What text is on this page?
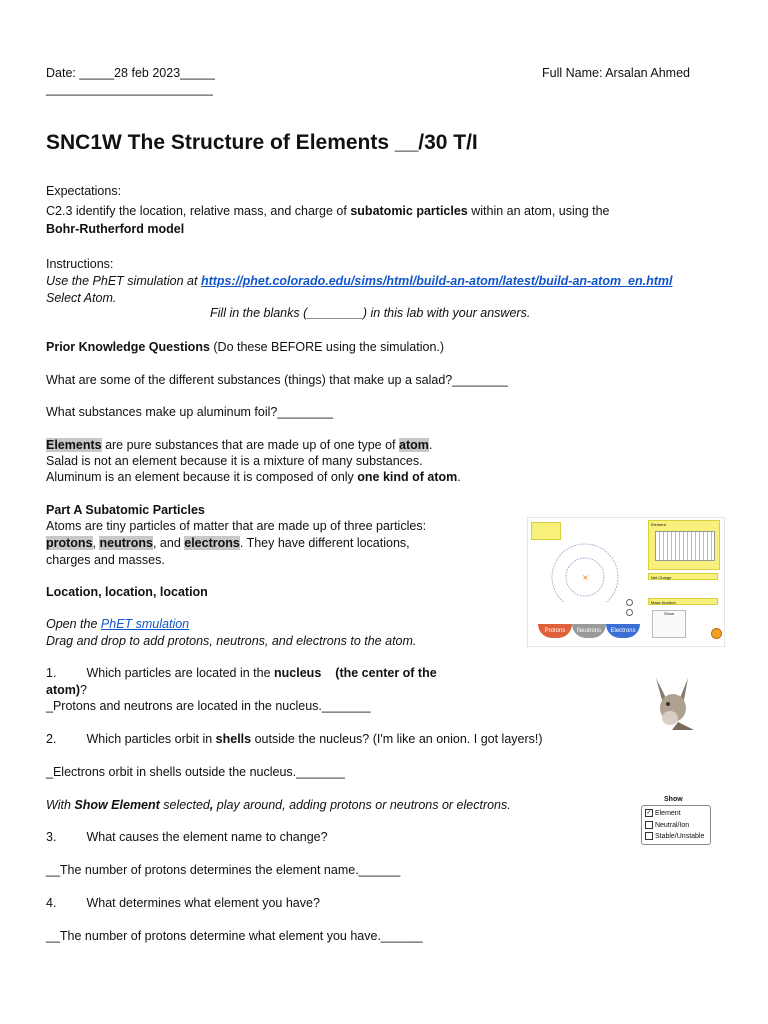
Date: _____28 feb 2023_____
________________________
Full Name: Arsalan Ahmed
SNC1W The Structure of Elements __/30 T/I
Expectations:
C2.3 identify the location, relative mass, and charge of subatomic particles within an atom, using the
Bohr-Rutherford model
Instructions:
Use the PhET simulation at https://phet.colorado.edu/sims/html/build-an-atom/latest/build-an-atom_en.html
Select Atom.
Fill in the blanks (________) in this lab with your answers.
Prior Knowledge Questions (Do these BEFORE using the simulation.)
What are some of the different substances (things) that make up a salad?________
What substances make up aluminum foil?________
Elements are pure substances that are made up of one type of atom.
Salad is not an element because it is a mixture of many substances.
Aluminum is an element because it is composed of only one kind of atom.
Part A Subatomic Particles
Atoms are tiny particles of matter that are made up of three particles:
protons, neutrons, and electrons. They have different locations,
charges and masses.
Location, location, location
Open the PhET smulation
Drag and drop to add protons, neutrons, and electrons to the atom.
1. Which particles are located in the nucleus (the center of the
atom)?
_Protons and neutrons are located in the nucleus._______
2. Which particles orbit in shells outside the nucleus? (I'm like an onion. I got layers!)
_Electrons orbit in shells outside the nucleus._______
With Show Element selected, play around, adding protons or neutrons or electrons.
3. What causes the element name to change?
__The number of protons determines the element name.______
4. What determines what element you have?
__The number of protons determine what element you have.______
×
Element
Net Charge
Mass Number
Show
Protons	Neutrons	Electrons
Show
✓ Element
Neutral/Ion
Stable/Unstable
